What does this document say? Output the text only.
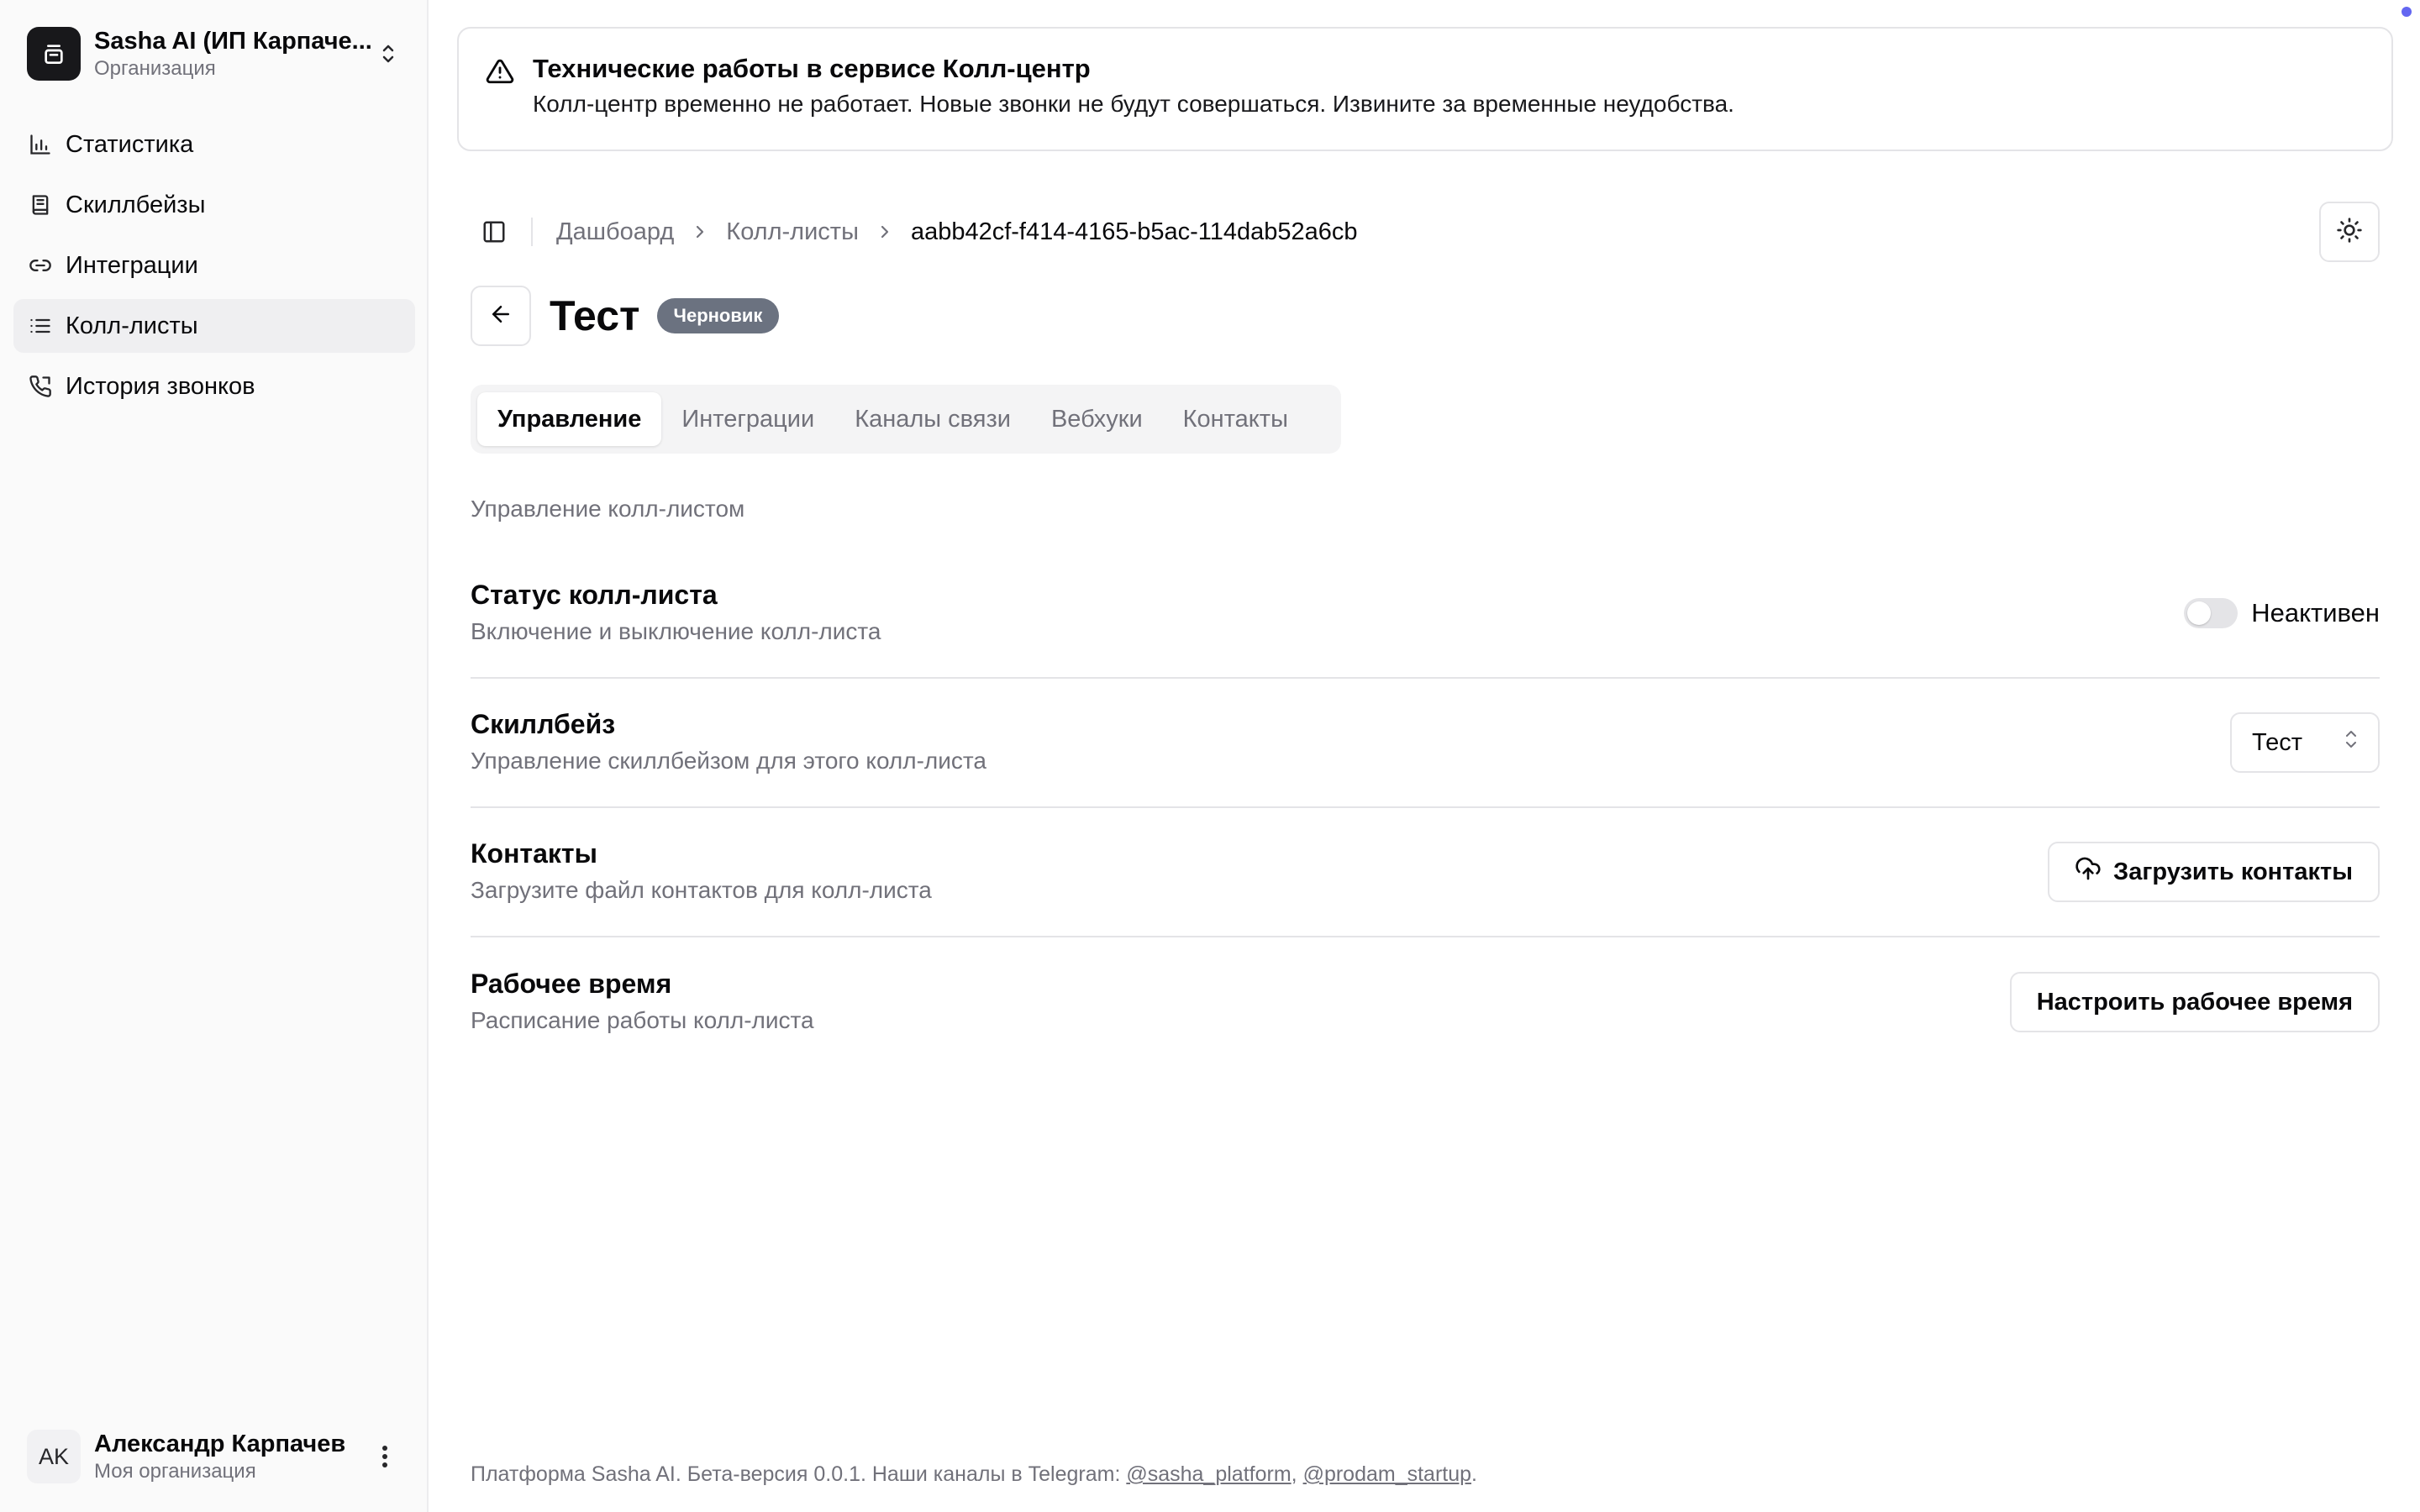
Sasha AI (ИП Карпаче...
Организация
Статистика
Скиллбейзы
Интеграции
Колл-листы
История звонков
AK	Александр Карпачев
Моя организация
Технические работы в сервисе Колл-центр
Колл-центр временно не работает. Новые звонки не будут совершаться. Извините за временные неудобства.
Дашбоард Колл-листы aabb42cf-f414-4165-b5ac-114dab52a6cb
Тест	Черновик
Управление	Интеграции	Каналы связи	Вебхуки	Контакты
Управление колл-листом
Статус колл-листа
Включение и выключение колл-листа
Неактивен
Скиллбейз
Управление скиллбейзом для этого колл-листа
Тест
Контакты
Загрузите файл контактов для колл-листа
Загрузить контакты
Рабочее время
Расписание работы колл-листа
Настроить рабочее время
Платформа Sasha AI. Бета-версия 0.0.1. Наши каналы в Telegram: @sasha_platform, @prodam_startup.
